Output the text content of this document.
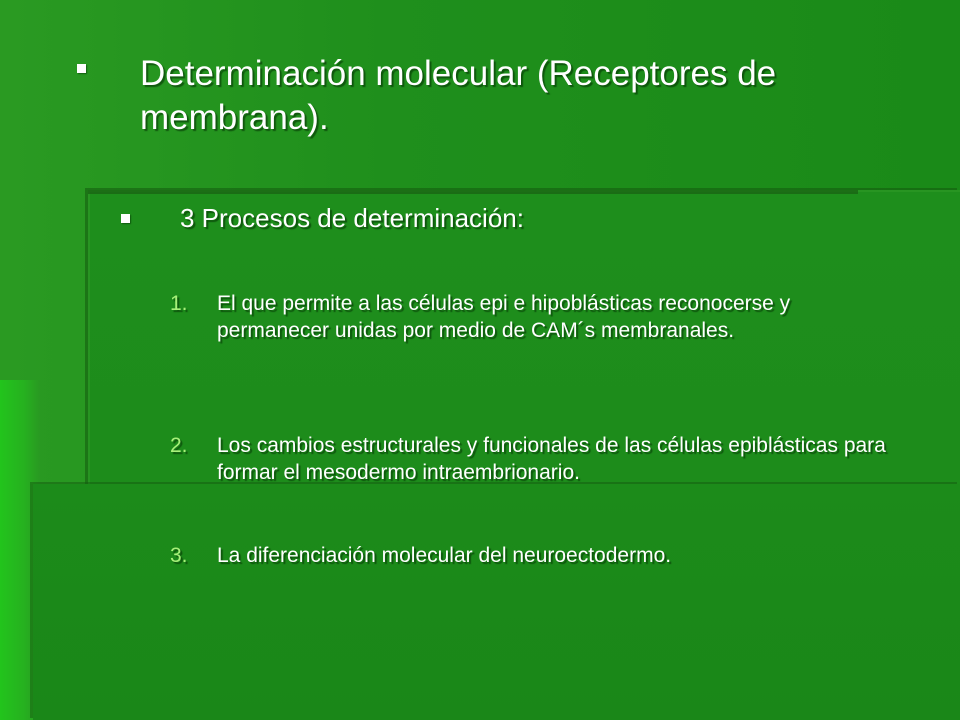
Determinación molecular (Receptores de membrana).
3 Procesos de determinación:
1.	El que permite a las células epi e hipoblásticas reconocerse y permanecer unidas por medio de CAM´s membranales.
2.	Los cambios estructurales y funcionales de las células epiblásticas para formar el mesodermo intraembrionario.
3.	La diferenciación molecular del neuroectodermo.
